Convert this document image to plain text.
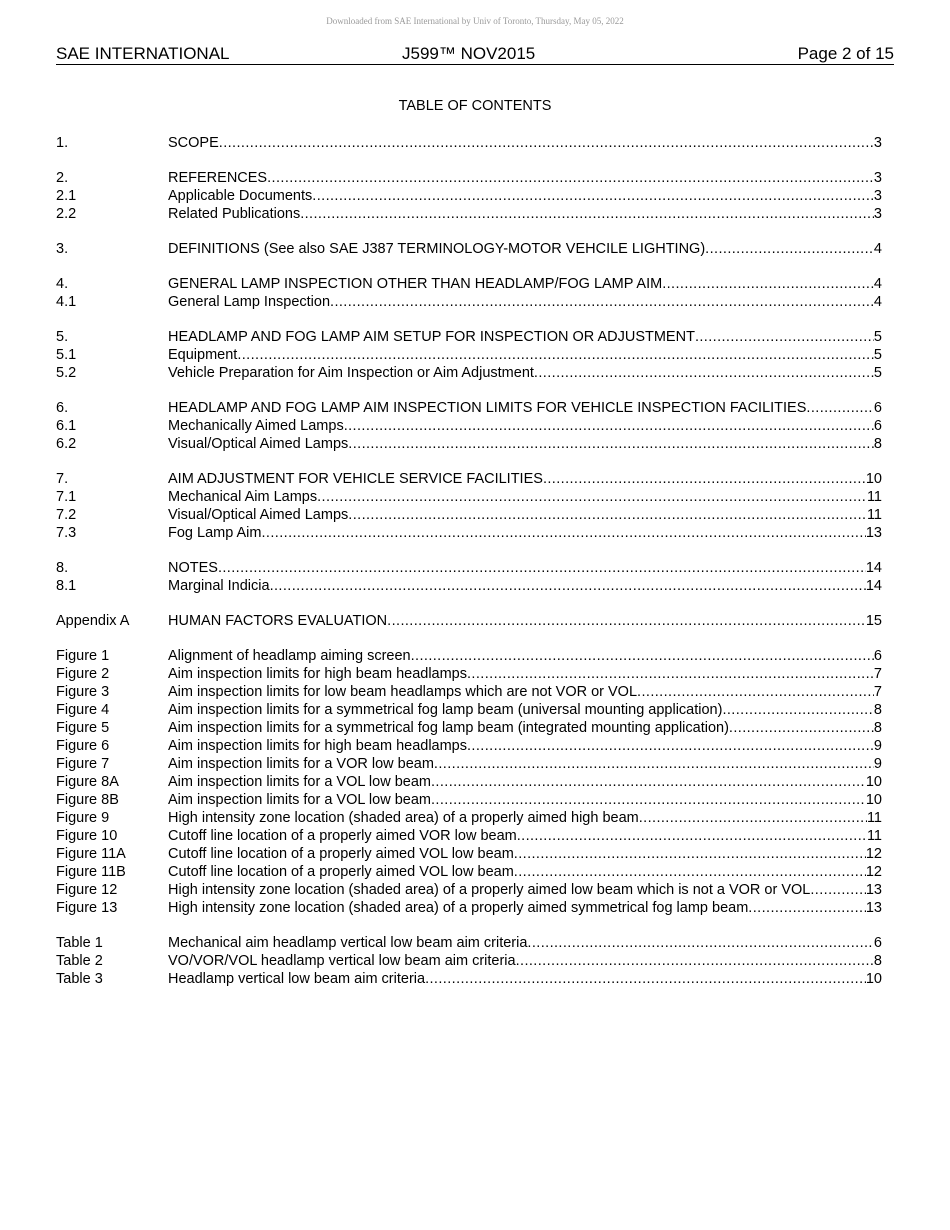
Downloaded from SAE International by Univ of Toronto, Thursday, May 05, 2022
SAE INTERNATIONAL	J599™ NOV2015	Page 2 of 15
TABLE OF CONTENTS
1.	SCOPE .....	3
2.	REFERENCES .....	3
2.1	Applicable Documents .....	3
2.2	Related Publications .....	3
3.	DEFINITIONS (See also SAE J387 TERMINOLOGY-MOTOR VEHCILE LIGHTING) .....	4
4.	GENERAL LAMP INSPECTION OTHER THAN HEADLAMP/FOG LAMP AIM .....	4
4.1	General Lamp Inspection .....	4
5.	HEADLAMP AND FOG LAMP AIM SETUP FOR INSPECTION OR ADJUSTMENT .....	5
5.1	Equipment .....	5
5.2	Vehicle Preparation for Aim Inspection or Aim Adjustment .....	5
6.	HEADLAMP AND FOG LAMP AIM INSPECTION LIMITS FOR VEHICLE INSPECTION FACILITIES .....	6
6.1	Mechanically Aimed Lamps .....	6
6.2	Visual/Optical Aimed Lamps .....	8
7.	AIM ADJUSTMENT FOR VEHICLE SERVICE FACILITIES .....	10
7.1	Mechanical Aim Lamps .....	11
7.2	Visual/Optical Aimed Lamps .....	11
7.3	Fog Lamp Aim .....	13
8.	NOTES .....	14
8.1	Marginal Indicia .....	14
Appendix A	HUMAN FACTORS EVALUATION .....	15
Figure 1	Alignment of headlamp aiming screen .....	6
Figure 2	Aim inspection limits for high beam headlamps .....	7
Figure 3	Aim inspection limits for low beam headlamps which are not VOR or VOL .....	7
Figure 4	Aim inspection limits for a symmetrical fog lamp beam (universal mounting application) .....	8
Figure 5	Aim inspection limits for a symmetrical fog lamp beam (integrated mounting application) .....	8
Figure 6	Aim inspection limits for high beam headlamps .....	9
Figure 7	Aim inspection limits for a VOR low beam .....	9
Figure 8A	Aim inspection limits for a VOL low beam .....	10
Figure 8B	Aim inspection limits for a VOL low beam .....	10
Figure 9	High intensity zone location (shaded area) of a properly aimed high beam .....	11
Figure 10	Cutoff line location of a properly aimed VOR low beam .....	11
Figure 11A	Cutoff line location of a properly aimed VOL low beam .....	12
Figure 11B	Cutoff line location of a properly aimed VOL low beam .....	12
Figure 12	High intensity zone location (shaded area) of a properly aimed low beam which is not a VOR or VOL .....	13
Figure 13	High intensity zone location (shaded area) of a properly aimed symmetrical fog lamp beam .....	13
Table 1	Mechanical aim headlamp vertical low beam aim criteria .....	6
Table 2	VO/VOR/VOL headlamp vertical low beam aim criteria .....	8
Table 3	Headlamp vertical low beam aim criteria .....	10
